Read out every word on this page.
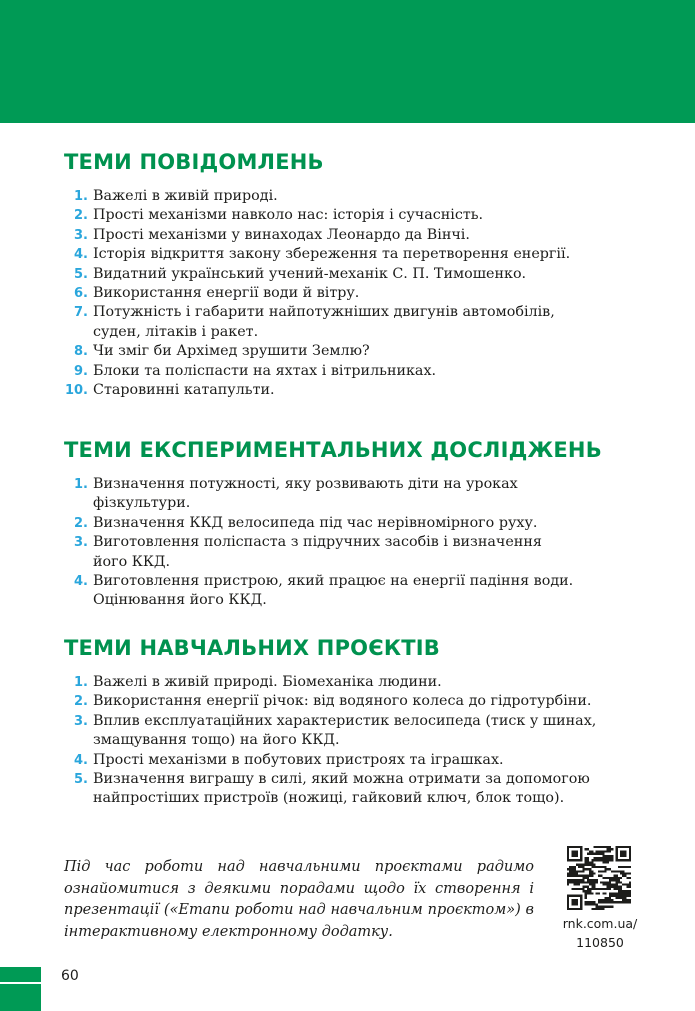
ТЕМИ ПОВІДОМЛЕНЬ
1. Важелі в живій природі.
2. Прості механізми навколо нас: історія і сучасність.
3. Прості механізми у винаходах Леонардо да Вінчі.
4. Історія відкриття закону збереження та перетворення енергії.
5. Видатний український учений-механік С. П. Тимошенко.
6. Використання енергії води й вітру.
7. Потужність і габарити найпотужніших двигунів автомобілів,
суден, літаків і ракет.
8. Чи зміг би Архімед зрушити Землю?
9. Блоки та поліспасти на яхтах і вітрильниках.
10. Старовинні катапульти.
ТЕМИ ЕКСПЕРИМЕНТАЛЬНИХ ДОСЛІДЖЕНЬ
1. Визначення потужності, яку розвивають діти на уроках
фізкультури.
2. Визначення ККД велосипеда під час нерівномірного руху.
3. Виготовлення поліспаста з підручних засобів і визначення
його ККД.
4. Виготовлення пристрою, який працює на енергії падіння води.
Оцінювання його ККД.
ТЕМИ НАВЧАЛЬНИХ ПРОЄКТІВ
1. Важелі в живій природі. Біомеханіка людини.
2. Використання енергії річок: від водяного колеса до гідротурбіни.
3. Вплив експлуатаційних характеристик велосипеда (тиск у шинах,
змащування тощо) на його ККД.
4. Прості механізми в побутових пристроях та іграшках.
5. Визначення виграшу в силі, який можна отримати за допомогою
найпростіших пристроїв (ножиці, гайковий ключ, блок тощо).

Під час роботи над навчальними проєктами радимо ознайомитися з деякими порадами щодо їх створення і презентації («Етапи роботи над навчальним проєктом») в інтерактивному електронному додатку.

rnk.com.ua/
110850
60
